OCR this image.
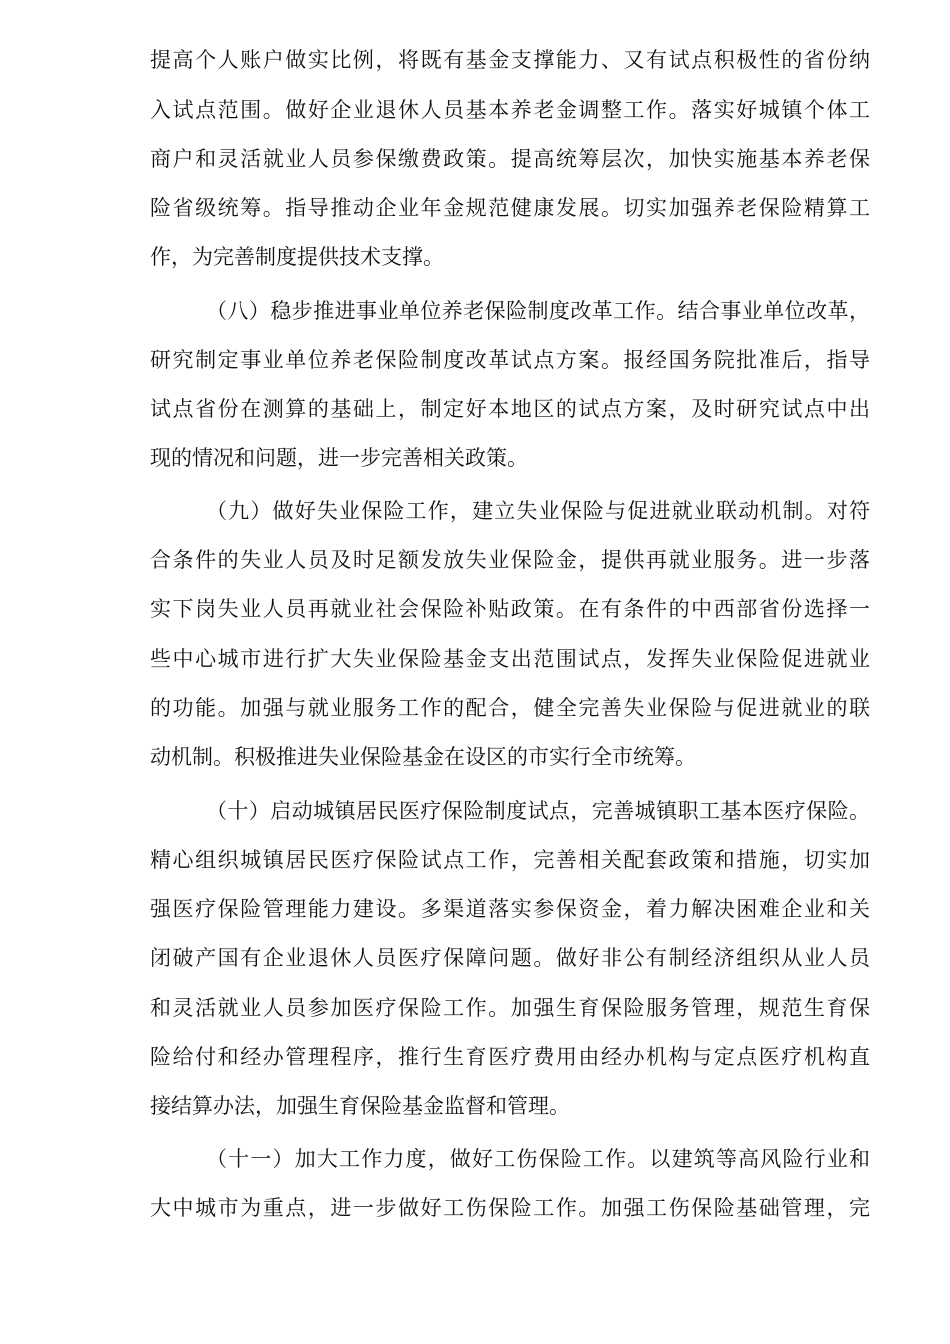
提高个人账户做实比例，将既有基金支撑能力、又有试点积极性的省份纳
入试点范围。做好企业退休人员基本养老金调整工作。落实好城镇个体工
商户和灵活就业人员参保缴费政策。提高统筹层次，加快实施基本养老保
险省级统筹。指导推动企业年金规范健康发展。切实加强养老保险精算工
作，为完善制度提供技术支撑。
（八）稳步推进事业单位养老保险制度改革工作。结合事业单位改革，
研究制定事业单位养老保险制度改革试点方案。报经国务院批准后，指导
试点省份在测算的基础上，制定好本地区的试点方案，及时研究试点中出
现的情况和问题，进一步完善相关政策。
（九）做好失业保险工作，建立失业保险与促进就业联动机制。对符
合条件的失业人员及时足额发放失业保险金，提供再就业服务。进一步落
实下岗失业人员再就业社会保险补贴政策。在有条件的中西部省份选择一
些中心城市进行扩大失业保险基金支出范围试点，发挥失业保险促进就业
的功能。加强与就业服务工作的配合，健全完善失业保险与促进就业的联
动机制。积极推进失业保险基金在设区的市实行全市统筹。
（十）启动城镇居民医疗保险制度试点，完善城镇职工基本医疗保险。
精心组织城镇居民医疗保险试点工作，完善相关配套政策和措施，切实加
强医疗保险管理能力建设。多渠道落实参保资金，着力解决困难企业和关
闭破产国有企业退休人员医疗保障问题。做好非公有制经济组织从业人员
和灵活就业人员参加医疗保险工作。加强生育保险服务管理，规范生育保
险给付和经办管理程序，推行生育医疗费用由经办机构与定点医疗机构直
接结算办法，加强生育保险基金监督和管理。
（十一）加大工作力度，做好工伤保险工作。以建筑等高风险行业和
大中城市为重点，进一步做好工伤保险工作。加强工伤保险基础管理，完
